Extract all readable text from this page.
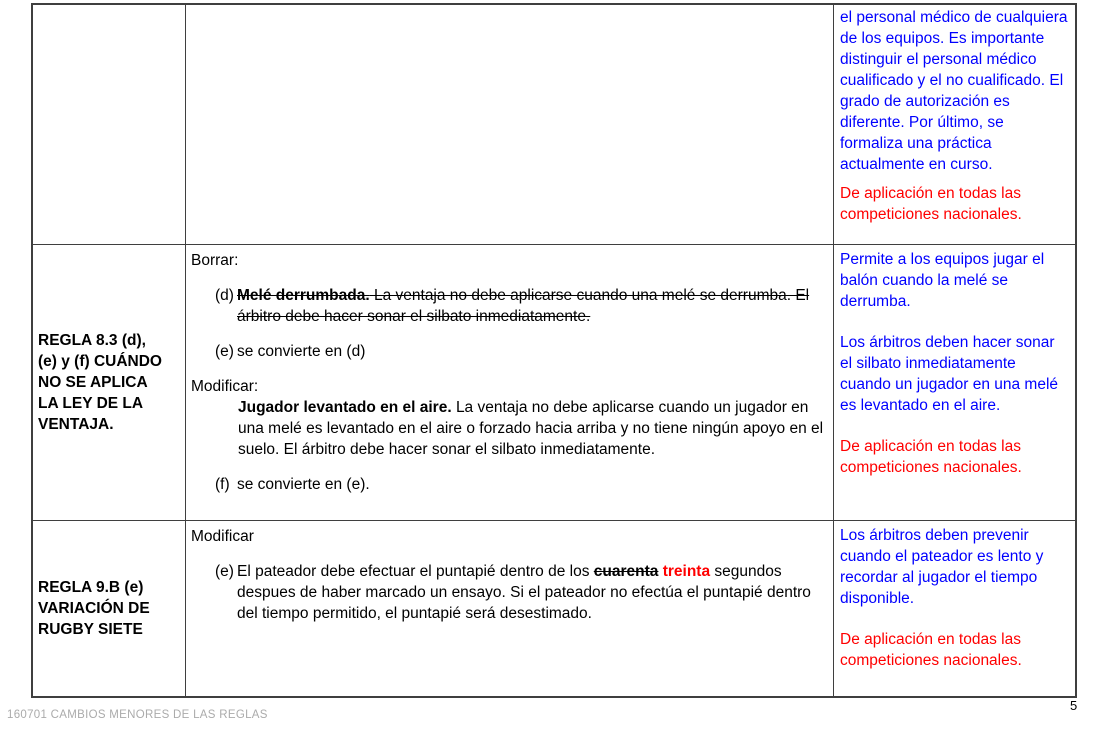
el personal médico de cualquiera de los equipos. Es importante distinguir el personal médico cualificado y el no cualificado. El grado de autorización es diferente. Por último, se formaliza una práctica actualmente en curso.

De aplicación en todas las competiciones nacionales.

REGLA 8.3 (d),
(e) y (f) CUÁNDO
NO SE APLICA
LA LEY DE LA
VENTAJA.
Borrar:
(d) Melé derrumbada. La ventaja no debe aplicarse cuando una melé se derrumba. El árbitro debe hacer sonar el silbato inmediatamente.
(e) se convierte en (d)
Modificar:
Jugador levantado en el aire. La ventaja no debe aplicarse cuando un jugador en una melé es levantado en el aire o forzado hacia arriba y no tiene ningún apoyo en el suelo. El árbitro debe hacer sonar el silbato inmediatamente.
(f) se convierte en (e).

Permite a los equipos jugar el balón cuando la melé se derrumba.

Los árbitros deben hacer sonar el silbato inmediatamente cuando un jugador en una melé es levantado en el aire.

De aplicación en todas las competiciones nacionales.

REGLA 9.B (e)
VARIACIÓN DE
RUGBY SIETE
Modificar
(e) El pateador debe efectuar el puntapié dentro de los cuarenta treinta segundos despues de haber marcado un ensayo. Si el pateador no efectúa el puntapié dentro del tiempo permitido, el puntapié será desestimado.

Los árbitros deben prevenir cuando el pateador es lento y recordar al jugador el tiempo disponible.

De aplicación en todas las competiciones nacionales.

160701 CAMBIOS MENORES DE LAS REGLAS
5
